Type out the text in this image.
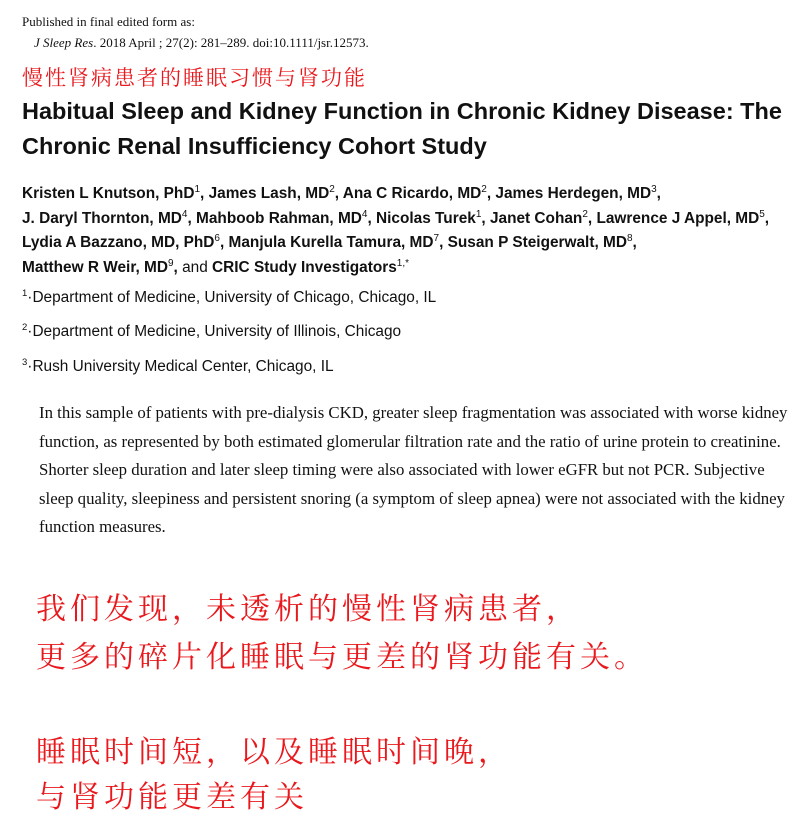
Published in final edited form as:
J Sleep Res. 2018 April ; 27(2): 281–289. doi:10.1111/jsr.12573.
慢性肾病患者的睡眠习惯与肾功能
Habitual Sleep and Kidney Function in Chronic Kidney Disease: The Chronic Renal Insufficiency Cohort Study
Kristen L Knutson, PhD$^1$, James Lash, $MD^2$, Ana C Ricardo, $MD^2$, James Herdegen, $MD^3$, J. Daryl Thornton, $MD^4$, Mahboob Rahman, $MD^4$, Nicolas Turek$^1$, Janet Cohan$^2$, Lawrence J Appel, $MD^5$, Lydia A Bazzano, MD, PhD$^6$, Manjula Kurella Tamura, $MD^7$, Susan P Steigerwalt, $MD^8$, Matthew R Weir, $MD^9$, and CRIC Study Investigators$^{1,*}$
$^1$·Department of Medicine, University of Chicago, Chicago, IL
$^2$·Department of Medicine, University of Illinois, Chicago
$^3$·Rush University Medical Center, Chicago, IL
In this sample of patients with pre-dialysis CKD, greater sleep fragmentation was associated with worse kidney function, as represented by both estimated glomerular filtration rate and the ratio of urine protein to creatinine. Shorter sleep duration and later sleep timing were also associated with lower eGFR but not PCR. Subjective sleep quality, sleepiness and persistent snoring (a symptom of sleep apnea) were not associated with the kidney function measures.
我们发现，未透析的慢性肾病患者，
更多的碎片化睡眠与更差的肾功能有关。
睡眠时间短，以及睡眠时间晚，
与肾功能更差有关
